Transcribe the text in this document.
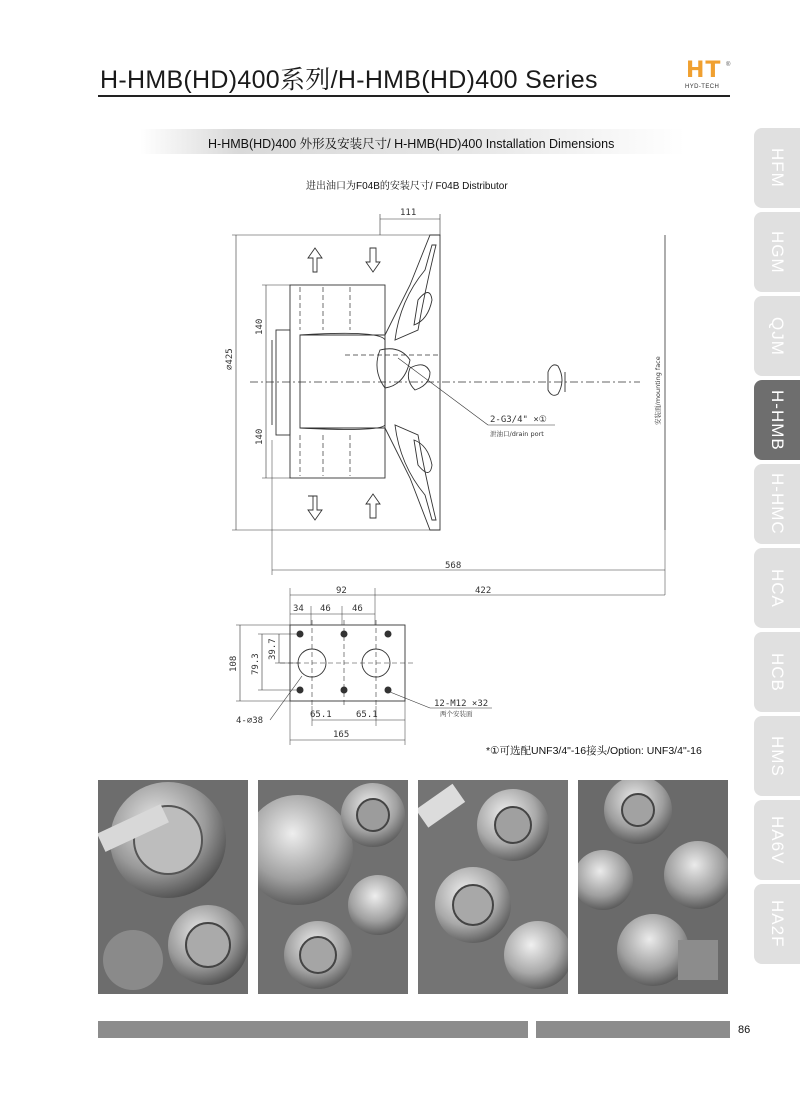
H-HMB(HD)400系列/H-HMB(HD)400 Series	HT ®
HYD-TECH
H-HMB(HD)400 外形及安装尺寸/ H-HMB(HD)400 Installation Dimensions
进出油口为F04B的安装尺寸/ F04B Distributor
111
⌀425
140
140
2-G3/4" ×①
泄油口/drain port
安装面/mounting face
568
92	422
34 46 46
108 79.3
39.7
12-M12 ×32
两个安装面
4-⌀38
65.1	65.1
165
*①可选配UNF3/4"-16接头/Option: UNF3/4"-16
HFM
HGM
QJM
H-HMB
H-HMC
HCA
HCB
HMS
HA6V
HA2F
86
